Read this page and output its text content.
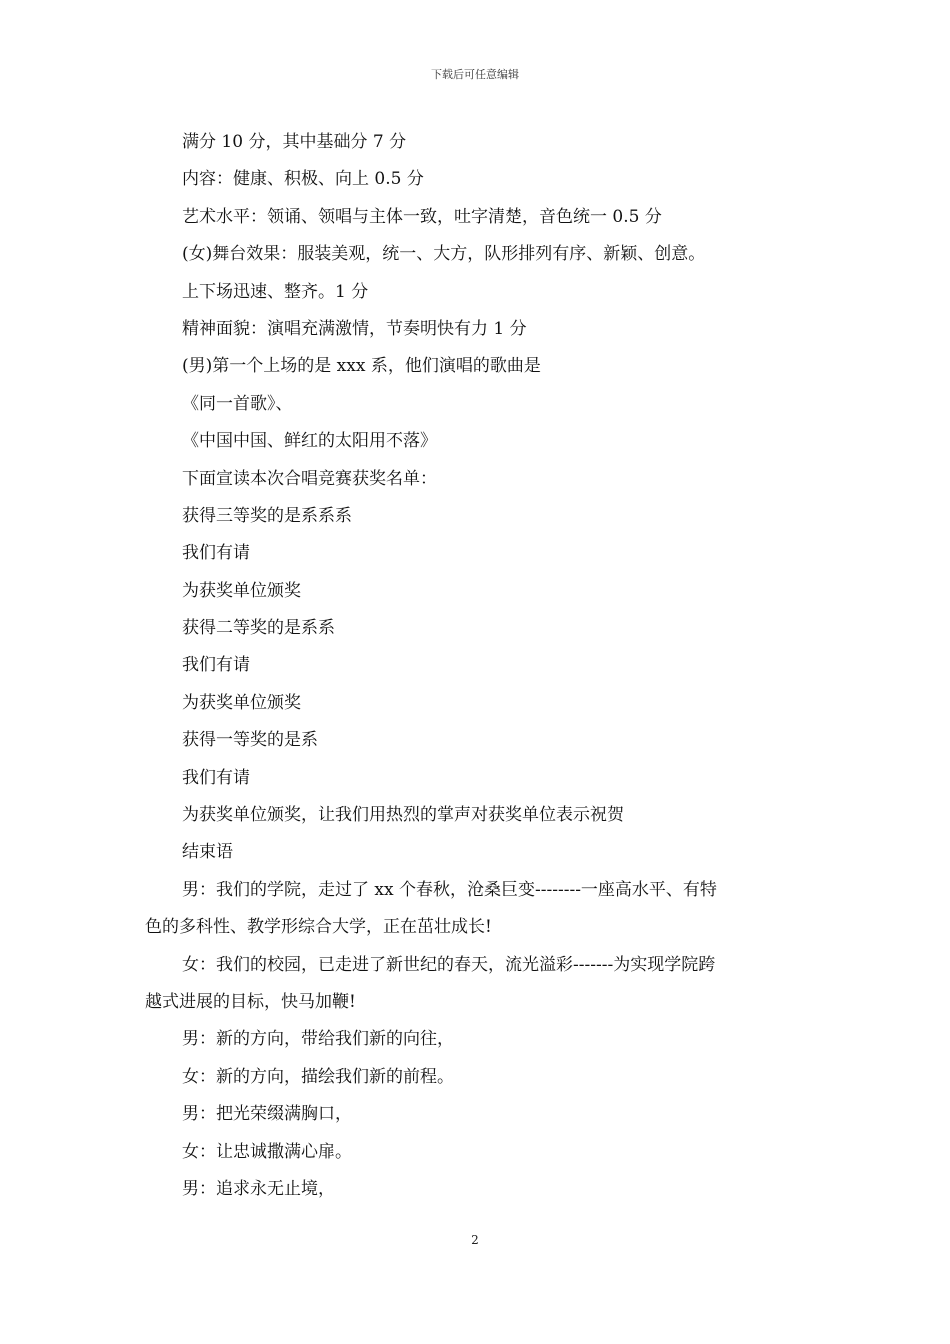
下载后可任意编辑
满分 10 分，其中基础分 7 分
内容：健康、积极、向上 0.5 分
艺术水平：领诵、领唱与主体一致，吐字清楚，音色统一 0.5 分
(女)舞台效果：服装美观，统一、大方，队形排列有序、新颖、创意。
上下场迅速、整齐。1 分
精神面貌：演唱充满激情，节奏明快有力 1 分
(男)第一个上场的是 xxx 系，他们演唱的歌曲是
《同一首歌》、
《中国中国、鲜红的太阳用不落》
下面宣读本次合唱竞赛获奖名单：
获得三等奖的是系系系
我们有请
为获奖单位颁奖
获得二等奖的是系系
我们有请
为获奖单位颁奖
获得一等奖的是系
我们有请
为获奖单位颁奖，让我们用热烈的掌声对获奖单位表示祝贺
结束语
男：我们的学院，走过了 xx 个春秋，沧桑巨变--------一座高水平、有特
色的多科性、教学形综合大学，正在茁壮成长!
女：我们的校园，已走进了新世纪的春天，流光溢彩-------为实现学院跨
越式进展的目标，快马加鞭!
男：新的方向，带给我们新的向往，
女：新的方向，描绘我们新的前程。
男：把光荣缀满胸口，
女：让忠诚撒满心扉。
男：追求永无止境，
2
